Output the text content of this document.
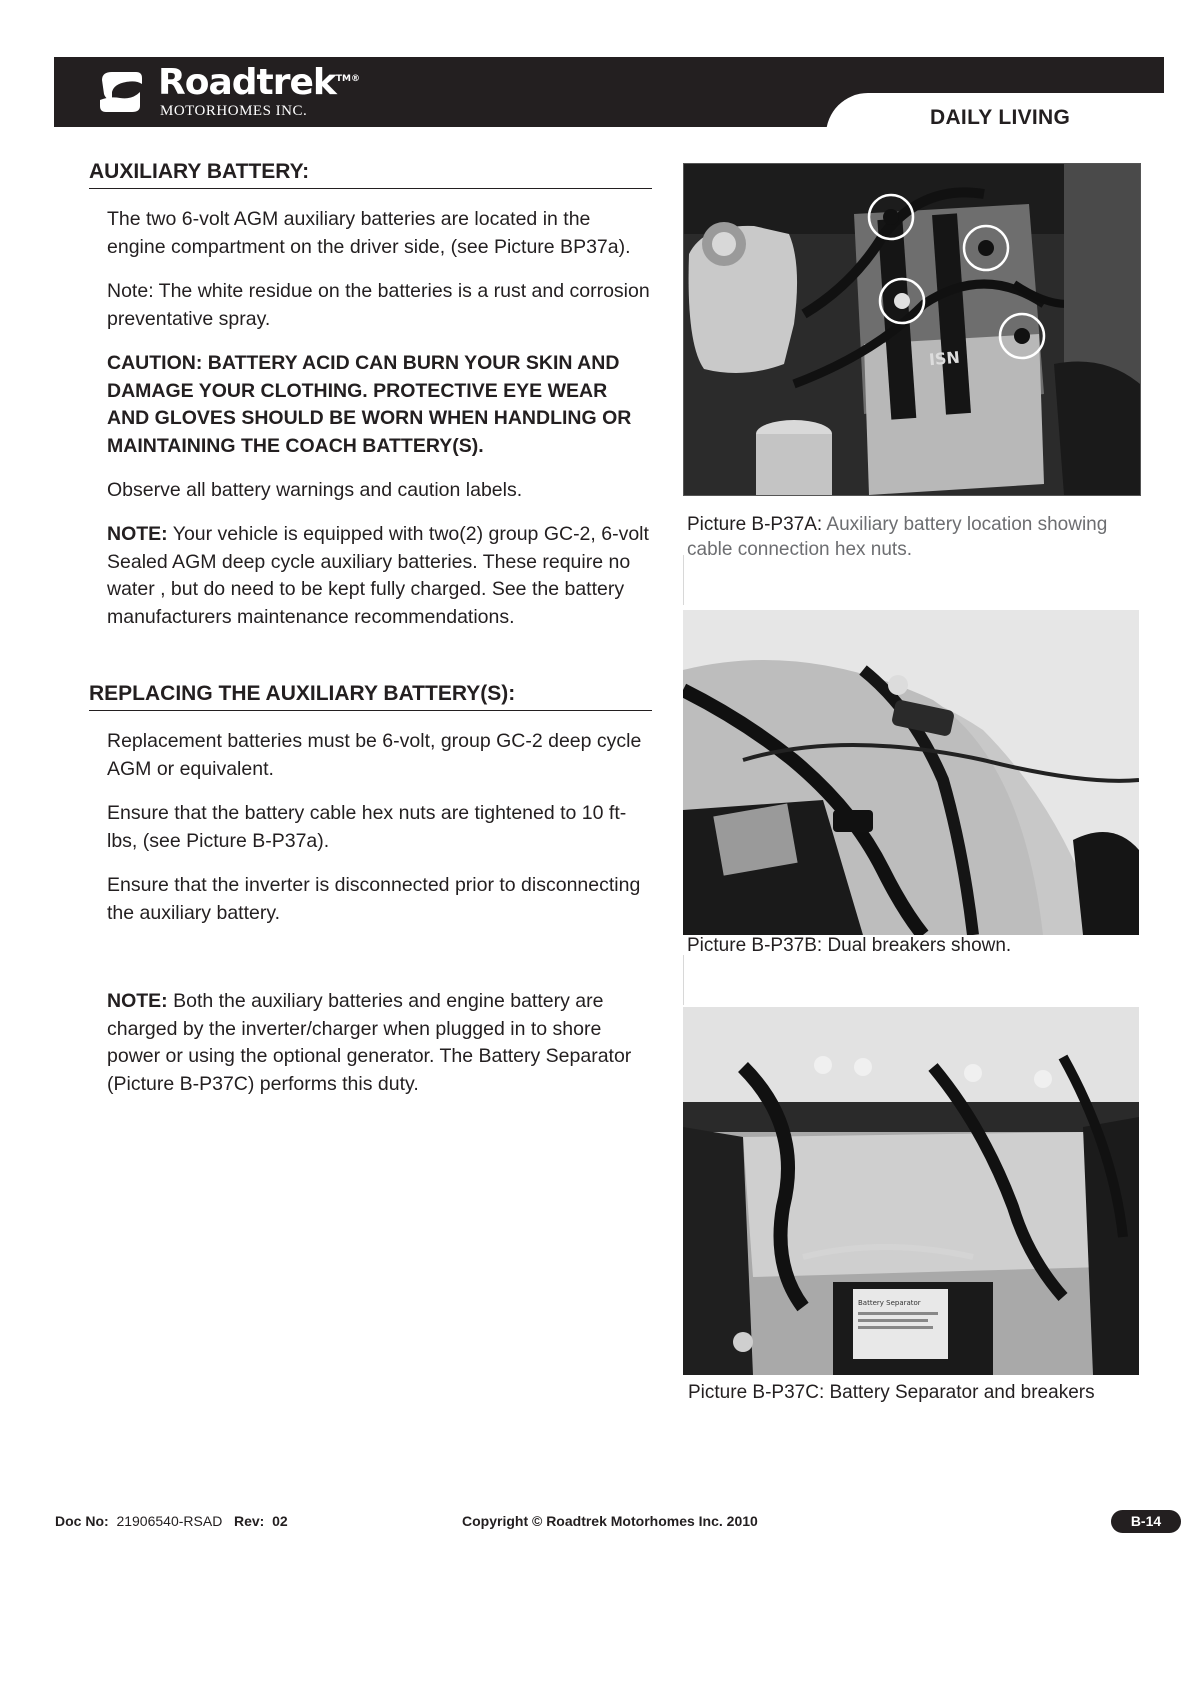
Roadtrek$^{TM®}$
MOTORHOMES INC.	DAILY LIVING
AUXILIARY BATTERY:

The two 6-volt AGM auxiliary batteries are located in the engine compartment on the driver side, (see Picture BP37a).

Note: The white residue on the batteries is a rust and corrosion preventative spray.

CAUTION: BATTERY ACID CAN BURN YOUR SKIN AND DAMAGE YOUR CLOTHING. PROTECTIVE EYE WEAR AND GLOVES SHOULD BE WORN WHEN HANDLING OR MAINTAINING THE COACH BATTERY(S).

Observe all battery warnings and caution labels.

NOTE: Your vehicle is equipped with two(2) group GC-2, 6-volt Sealed AGM deep cycle auxiliary batteries. These require no water , but do need to be kept fully charged. See the battery manufacturers maintenance recommendations.

REPLACING THE AUXILIARY BATTERY(S):

Replacement batteries must be 6-volt, group GC-2 deep cycle AGM or equivalent.

Ensure that the battery cable hex nuts are tightened to 10 ft-lbs, (see Picture B-P37a).

Ensure that the inverter is disconnected prior to disconnecting the auxiliary battery.

NOTE: Both the auxiliary batteries and engine battery are charged by the inverter/charger when plugged in to shore power or using the optional generator. The Battery Separator (Picture B-P37C) performs this duty.

ISN
Picture B-P37A: Auxiliary battery location showing cable connection hex nuts.
Picture B-P37B: Dual breakers shown.
Battery Separator
Picture B-P37C: Battery Separator and breakers
Doc No: 21906540-RSAD Rev: 02	Copyright © Roadtrek Motorhomes Inc. 2010	B-14
